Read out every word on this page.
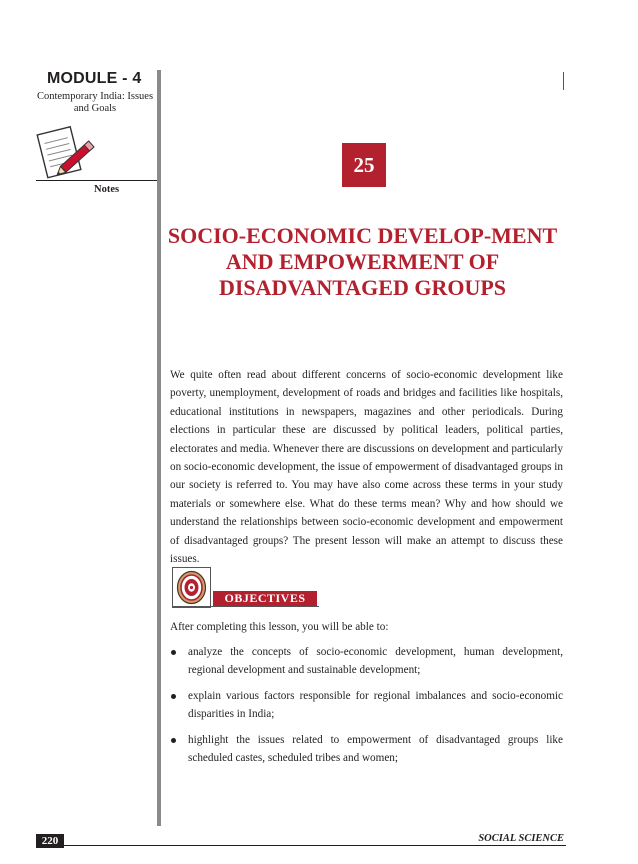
MODULE - 4
Contemporary India: Issues and Goals
Notes
25
SOCIO-ECONOMIC DEVELOP-MENT AND EMPOWERMENT OF DISADVANTAGED GROUPS

We quite often read about different concerns of socio-economic development like poverty, unemployment, development of roads and bridges and facilities like hospitals, educational institutions in newspapers, magazines and other periodicals. During elections in particular these are discussed by political leaders, political parties, electorates and media. Whenever there are discussions on development and particularly on socio-economic development, the issue of empowerment of disadvantaged groups in our society is referred to. You may have also come across these terms in your study materials or somewhere else. What do these terms mean? Why and how should we understand the relationships between socio-economic development and empowerment of disadvantaged groups? The present lesson will make an attempt to discuss these issues.

OBJECTIVES
After completing this lesson, you will be able to:
analyze the concepts of socio-economic development, human development, regional development and sustainable development;
explain various factors responsible for regional imbalances and socio-economic disparities in India;
highlight the issues related to empowerment of disadvantaged groups like scheduled castes, scheduled tribes and women;
220	SOCIAL SCIENCE
